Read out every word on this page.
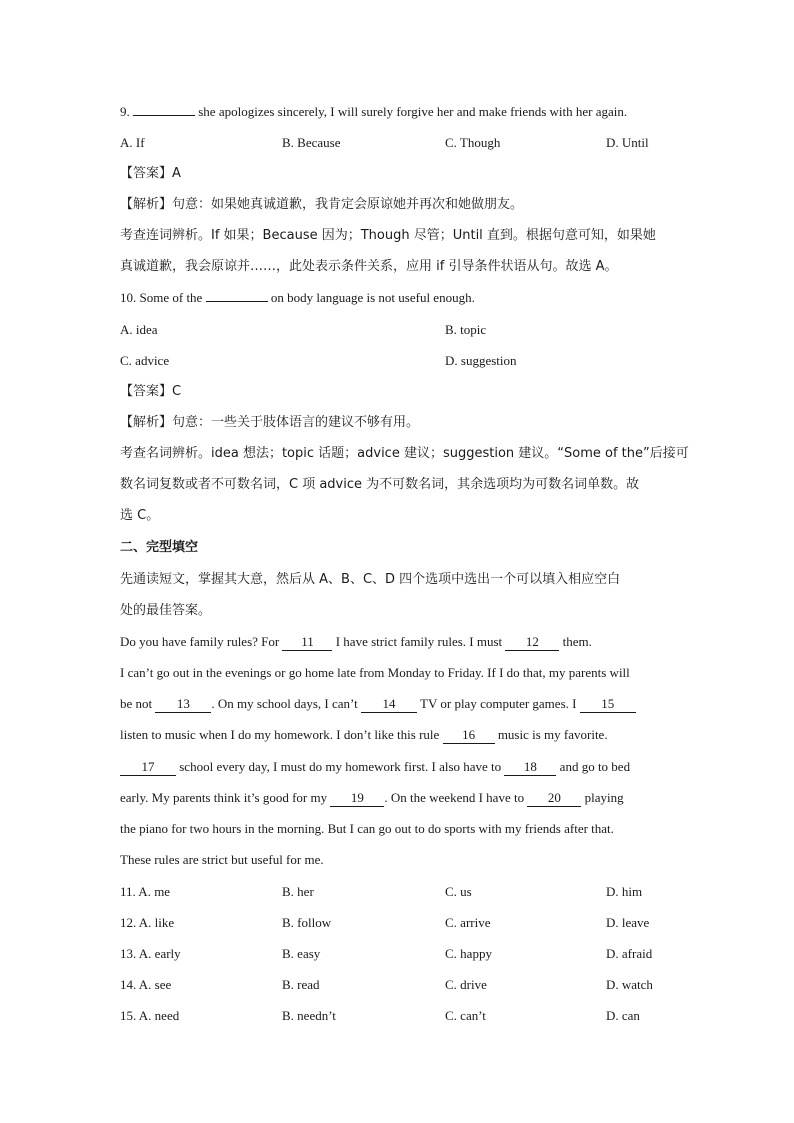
9.	she apologizes sincerely, I will surely forgive her and make friends with her again.
A. If	B. Because	C. Though	D. Until
【答案】A
【解析】句意：如果她真诚道歉，我肯定会原谅她并再次和她做朋友。
考查连词辨析。If 如果；Because 因为；Though 尽管；Until 直到。根据句意可知，如果她
真诚道歉，我会原谅并……，此处表示条件关系，应用 if 引导条件状语从句。故选 A。
10. Some of the	on body language is not useful enough.
A. idea	B. topic
C. advice	D. suggestion
【答案】C
【解析】句意：一些关于肢体语言的建议不够有用。
考查名词辨析。idea 想法；topic 话题；advice 建议；suggestion 建议。“Some of the”后接可
数名词复数或者不可数名词，C 项 advice 为不可数名词，其余选项均为可数名词单数。故
选 C。
二、完型填空
先通读短文，掌握其大意，然后从 A、B、C、D 四个选项中选出一个可以填入相应空白
处的最佳答案。
Do you have family rules? For 11 I have strict family rules. I must 12 them.
I can’t go out in the evenings or go home late from Monday to Friday. If I do that, my parents will
be not 13 . On my school days, I can’t 14 TV or play computer games. I 15
listen to music when I do my homework. I don’t like this rule 16 music is my favorite.
17 school every day, I must do my homework first. I also have to 18 and go to bed
early. My parents think it’s good for my 19 . On the weekend I have to 20 playing
the piano for two hours in the morning. But I can go out to do sports with my friends after that.
These rules are strict but useful for me.
11. A. me	B. her	C. us	D. him
12. A. like	B. follow	C. arrive	D. leave
13. A. early	B. easy	C. happy	D. afraid
14. A. see	B. read	C. drive	D. watch
15. A. need	B. needn’t	C. can’t	D. can
